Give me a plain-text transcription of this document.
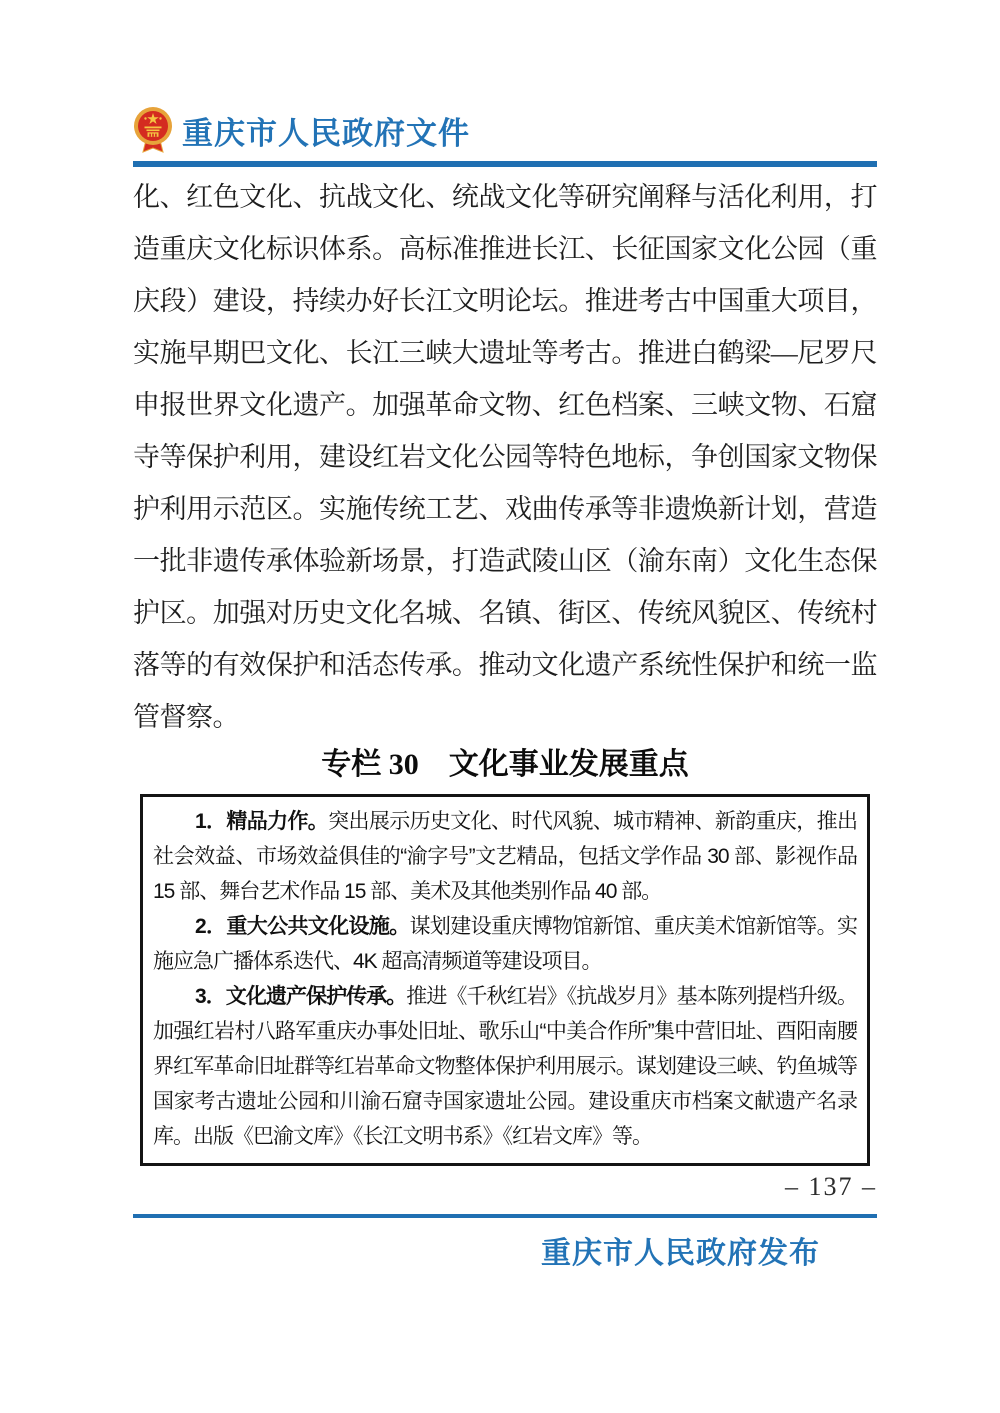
重庆市人民政府文件

化、红色文化、抗战文化、统战文化等研究阐释与活化利用，打造重庆文化标识体系。高标准推进长江、长征国家文化公园（重庆段）建设，持续办好长江文明论坛。推进考古中国重大项目，实施早期巴文化、长江三峡大遗址等考古。推进白鹤梁—尼罗尺申报世界文化遗产。加强革命文物、红色档案、三峡文物、石窟寺等保护利用，建设红岩文化公园等特色地标，争创国家文物保护利用示范区。实施传统工艺、戏曲传承等非遗焕新计划，营造一批非遗传承体验新场景，打造武陵山区（渝东南）文化生态保护区。加强对历史文化名城、名镇、街区、传统风貌区、传统村落等的有效保护和活态传承。推动文化遗产系统性保护和统一监管督察。

专栏 30 文化事业发展重点

1．精品力作。突出展示历史文化、时代风貌、城市精神、新韵重庆，推出社会效益、市场效益俱佳的“渝字号”文艺精品，包括文学作品 30 部、影视作品 15 部、舞台艺术作品 15 部、美术及其他类别作品 40 部。

2．重大公共文化设施。谋划建设重庆博物馆新馆、重庆美术馆新馆等。实施应急广播体系迭代、4K 超高清频道等建设项目。

3．文化遗产保护传承。推进《千秋红岩》《抗战岁月》基本陈列提档升级。加强红岩村八路军重庆办事处旧址、歌乐山“中美合作所”集中营旧址、酉阳南腰界红军革命旧址群等红岩革命文物整体保护利用展示。谋划建设三峡、钓鱼城等国家考古遗址公园和川渝石窟寺国家遗址公园。建设重庆市档案文献遗产名录库。出版《巴渝文库》《长江文明书系》《红岩文库》等。

– 137 –
重庆市人民政府发布
